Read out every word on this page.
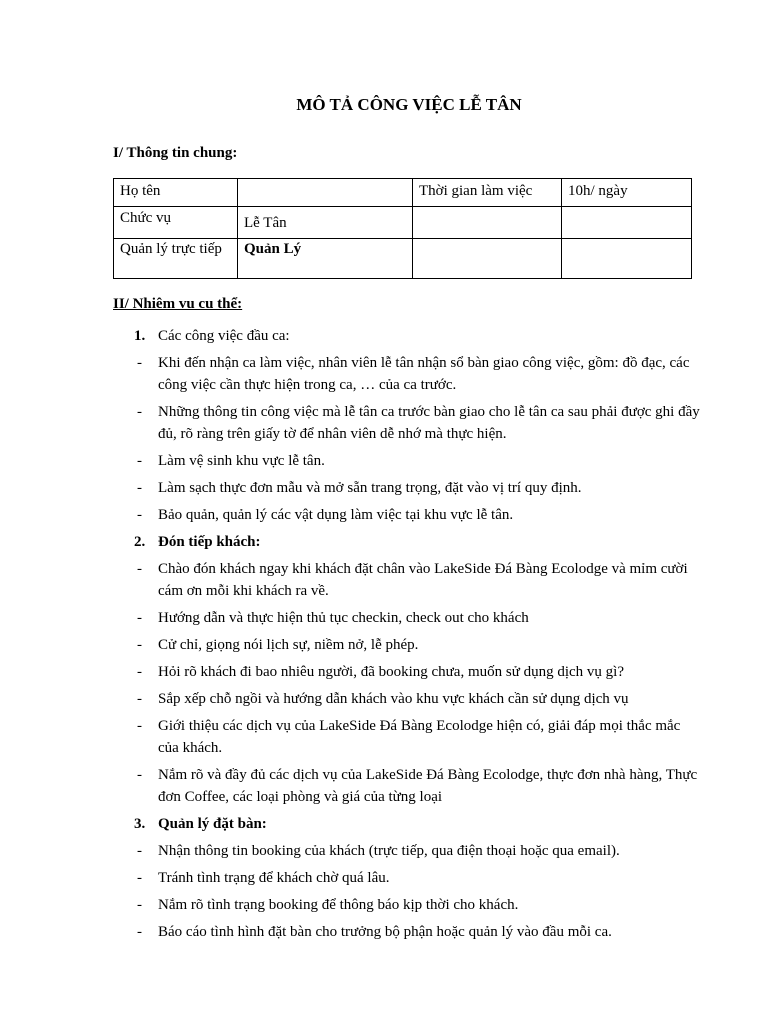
MÔ TẢ CÔNG VIỆC LỄ TÂN
I/ Thông tin chung:
Họ tên		Thời gian làm việc	10h/ ngày
Chức vụ	Lễ Tân		
Quản lý trực tiếp	Quản Lý		
II/ Nhiêm vu cu thể:
1. Các công việc đầu ca:
- Khi đến nhận ca làm việc, nhân viên lễ tân nhận sổ bàn giao công việc, gồm: đồ đạc, các công việc cần thực hiện trong ca, … của ca trước.
- Những thông tin công việc mà lễ tân ca trước bàn giao cho lễ tân ca sau phải được ghi đầy đủ, rõ ràng trên giấy tờ để nhân viên dễ nhớ mà thực hiện.
- Làm vệ sinh khu vực lễ tân.
- Làm sạch thực đơn mẫu và mở sẵn trang trọng, đặt vào vị trí quy định.
- Bảo quản, quản lý các vật dụng làm việc tại khu vực lễ tân.
2. Đón tiếp khách:
- Chào đón khách ngay khi khách đặt chân vào LakeSide Đá Bàng Ecolodge và mỉm cười cám ơn mỗi khi khách ra về.
- Hướng dẫn và thực hiện thủ tục checkin, check out cho khách
- Cử chỉ, giọng nói lịch sự, niềm nở, lễ phép.
- Hỏi rõ khách đi bao nhiêu người, đã booking chưa, muốn sử dụng dịch vụ gì?
- Sắp xếp chỗ ngồi và hướng dẫn khách vào khu vực khách cần sử dụng dịch vụ
- Giới thiệu các dịch vụ của LakeSide Đá Bàng Ecolodge hiện có, giải đáp mọi thắc mắc của khách.
- Nắm rõ và đầy đủ các dịch vụ của LakeSide Đá Bàng Ecolodge, thực đơn nhà hàng, Thực đơn Coffee, các loại phòng và giá của từng loại
3. Quản lý đặt bàn:
- Nhận thông tin booking của khách (trực tiếp, qua điện thoại hoặc qua email).
- Tránh tình trạng để khách chờ quá lâu.
- Nắm rõ tình trạng booking để thông báo kịp thời cho khách.
- Báo cáo tình hình đặt bàn cho trưởng bộ phận hoặc quản lý vào đầu mỗi ca.
